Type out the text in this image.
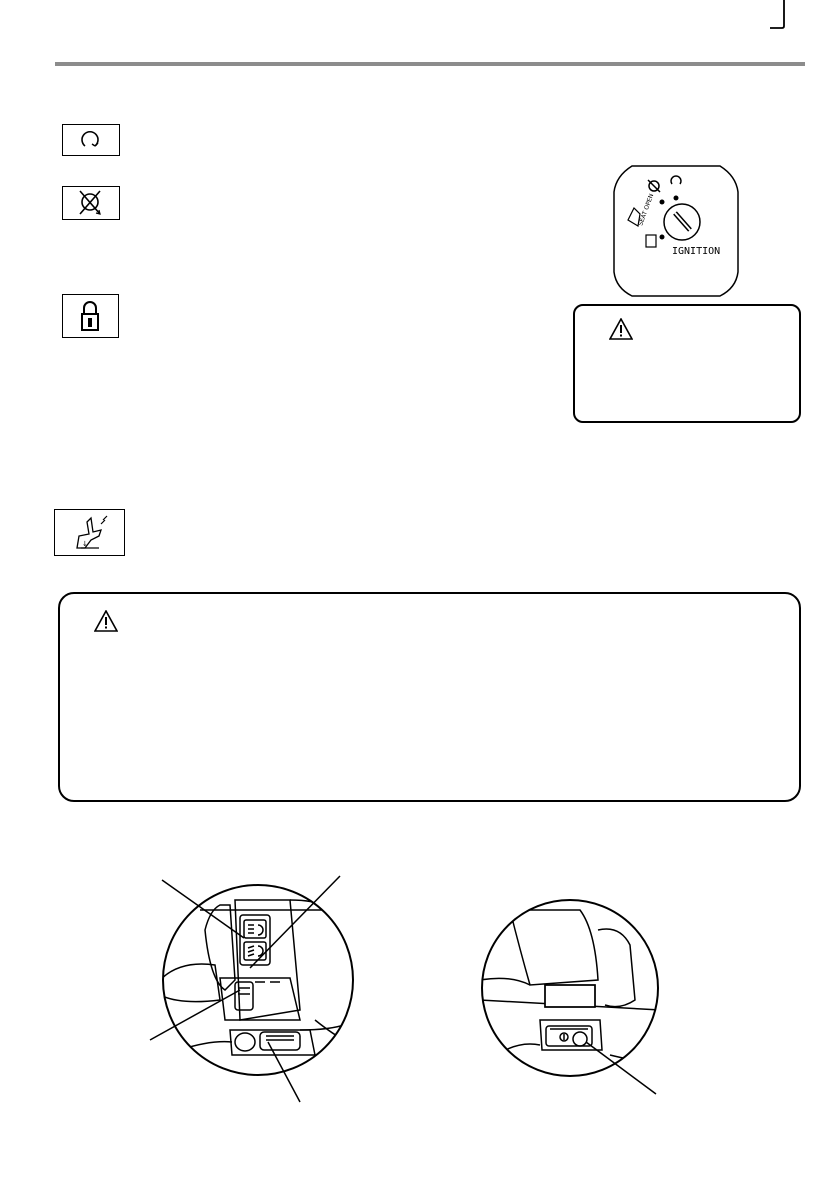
↓
SEAT OPEN
IGNITION
